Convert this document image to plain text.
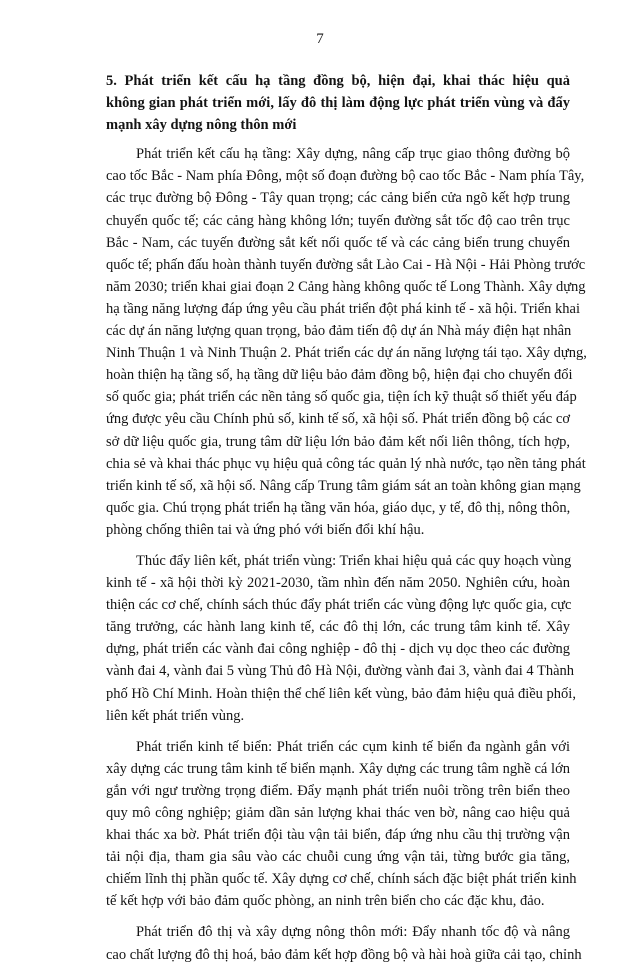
7
5. Phát triển kết cấu hạ tầng đồng bộ, hiện đại, khai thác hiệu quả
không gian phát triển mới, lấy đô thị làm động lực phát triển vùng và đẩy
mạnh xây dựng nông thôn mới
Phát triển kết cấu hạ tầng: Xây dựng, nâng cấp trục giao thông đường bộ
cao tốc Bắc - Nam phía Đông, một số đoạn đường bộ cao tốc Bắc - Nam phía Tây,
các trục đường bộ Đông - Tây quan trọng; các cảng biển cửa ngõ kết hợp trung
chuyển quốc tế; các cảng hàng không lớn; tuyến đường sắt tốc độ cao trên trục
Bắc - Nam, các tuyến đường sắt kết nối quốc tế và các cảng biển trung chuyển
quốc tế; phấn đấu hoàn thành tuyến đường sắt Lào Cai - Hà Nội - Hải Phòng trước
năm 2030; triển khai giai đoạn 2 Cảng hàng không quốc tế Long Thành. Xây dựng
hạ tầng năng lượng đáp ứng yêu cầu phát triển đột phá kinh tế - xã hội. Triển khai
các dự án năng lượng quan trọng, bảo đảm tiến độ dự án Nhà máy điện hạt nhân
Ninh Thuận 1 và Ninh Thuận 2. Phát triển các dự án năng lượng tái tạo. Xây dựng,
hoàn thiện hạ tầng số, hạ tầng dữ liệu bảo đảm đồng bộ, hiện đại cho chuyển đổi
số quốc gia; phát triển các nền tảng số quốc gia, tiện ích kỹ thuật số thiết yếu đáp
ứng được yêu cầu Chính phủ số, kinh tế số, xã hội số. Phát triển đồng bộ các cơ
sở dữ liệu quốc gia, trung tâm dữ liệu lớn bảo đảm kết nối liên thông, tích hợp,
chia sẻ và khai thác phục vụ hiệu quả công tác quản lý nhà nước, tạo nền tảng phát
triển kinh tế số, xã hội số. Nâng cấp Trung tâm giám sát an toàn không gian mạng
quốc gia. Chú trọng phát triển hạ tầng văn hóa, giáo dục, y tế, đô thị, nông thôn,
phòng chống thiên tai và ứng phó với biến đổi khí hậu.
Thúc đẩy liên kết, phát triển vùng: Triển khai hiệu quả các quy hoạch vùng
kinh tế - xã hội thời kỳ 2021-2030, tầm nhìn đến năm 2050. Nghiên cứu, hoàn
thiện các cơ chế, chính sách thúc đẩy phát triển các vùng động lực quốc gia, cực
tăng trưởng, các hành lang kinh tế, các đô thị lớn, các trung tâm kinh tế. Xây
dựng, phát triển các vành đai công nghiệp - đô thị - dịch vụ dọc theo các đường
vành đai 4, vành đai 5 vùng Thủ đô Hà Nội, đường vành đai 3, vành đai 4 Thành
phố Hồ Chí Minh. Hoàn thiện thể chế liên kết vùng, bảo đảm hiệu quả điều phối,
liên kết phát triển vùng.
Phát triển kinh tế biển: Phát triển các cụm kinh tế biển đa ngành gắn với
xây dựng các trung tâm kinh tế biển mạnh. Xây dựng các trung tâm nghề cá lớn
gắn với ngư trường trọng điểm. Đẩy mạnh phát triển nuôi trồng trên biển theo
quy mô công nghiệp; giảm dần sản lượng khai thác ven bờ, nâng cao hiệu quả
khai thác xa bờ. Phát triển đội tàu vận tải biển, đáp ứng nhu cầu thị trường vận
tải nội địa, tham gia sâu vào các chuỗi cung ứng vận tải, từng bước gia tăng,
chiếm lĩnh thị phần quốc tế. Xây dựng cơ chế, chính sách đặc biệt phát triển kinh
tế kết hợp với bảo đảm quốc phòng, an ninh trên biển cho các đặc khu, đảo.
Phát triển đô thị và xây dựng nông thôn mới: Đẩy nhanh tốc độ và nâng
cao chất lượng đô thị hoá, bảo đảm kết hợp đồng bộ và hài hoà giữa cải tạo, chỉnh
